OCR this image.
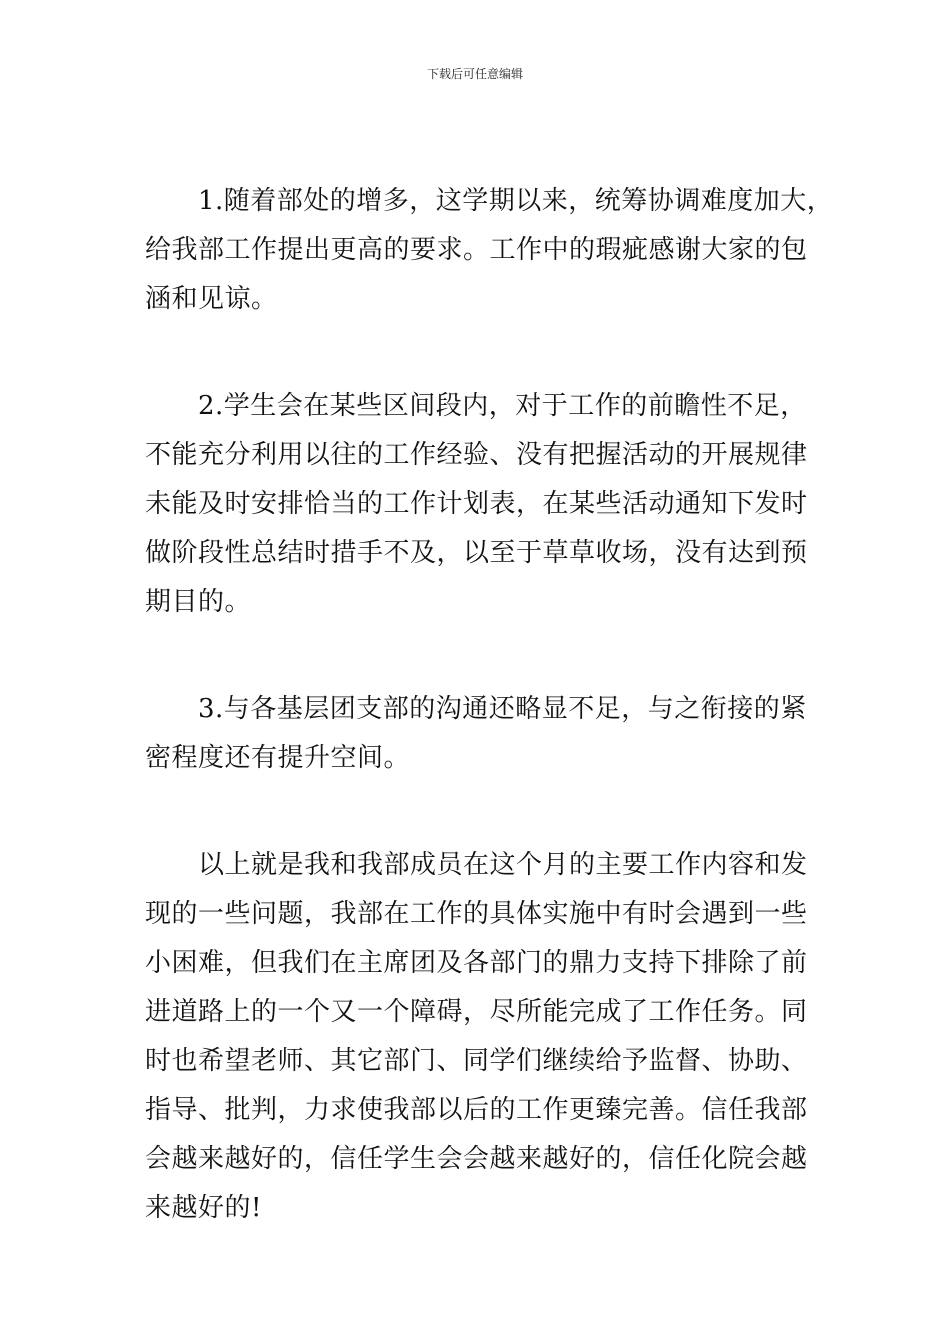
下载后可任意编辑
　　1.随着部处的增多，这学期以来，统筹协调难度加大，
给我部工作提出更高的要求。工作中的瑕疵感谢大家的包
涵和见谅。
　　2.学生会在某些区间段内，对于工作的前瞻性不足，
不能充分利用以往的工作经验、没有把握活动的开展规律
未能及时安排恰当的工作计划表，在某些活动通知下发时
做阶段性总结时措手不及，以至于草草收场，没有达到预
期目的。
　　3.与各基层团支部的沟通还略显不足，与之衔接的紧
密程度还有提升空间。
　　以上就是我和我部成员在这个月的主要工作内容和发
现的一些问题，我部在工作的具体实施中有时会遇到一些
小困难，但我们在主席团及各部门的鼎力支持下排除了前
进道路上的一个又一个障碍，尽所能完成了工作任务。同
时也希望老师、其它部门、同学们继续给予监督、协助、
指导、批判，力求使我部以后的工作更臻完善。信任我部
会越来越好的，信任学生会会越来越好的，信任化院会越
来越好的!
